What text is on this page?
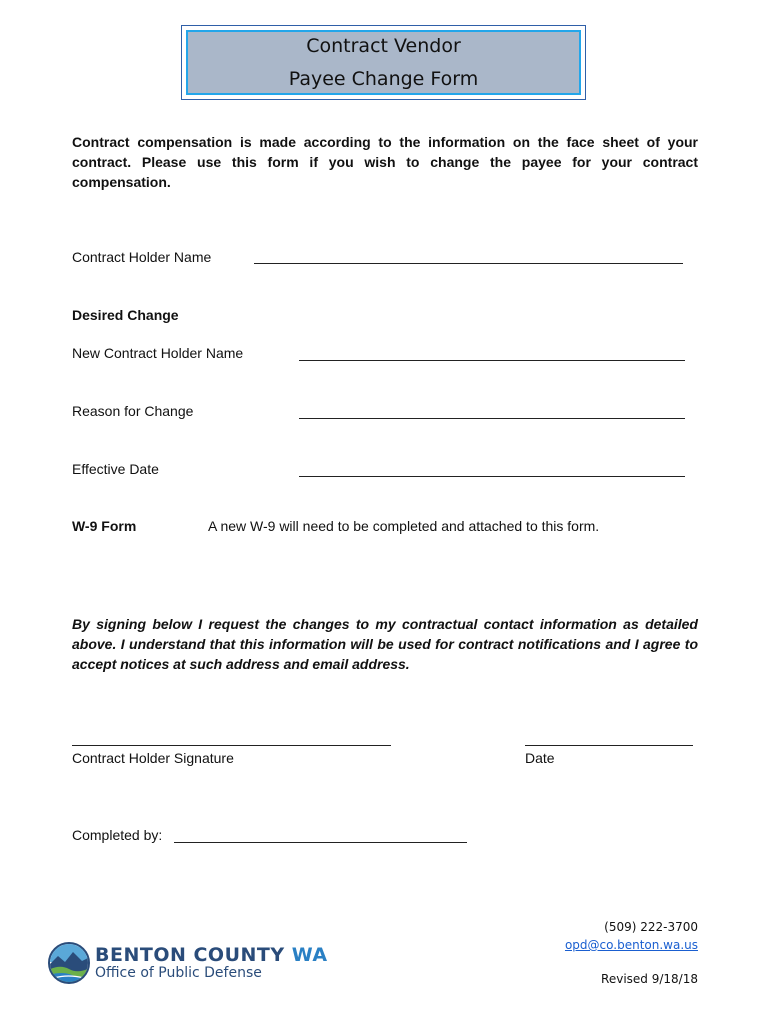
Contract Vendor
Payee Change Form
Contract compensation is made according to the information on the face sheet of your contract. Please use this form if you wish to change the payee for your contract compensation.
Contract Holder Name
Desired Change
New Contract Holder Name
Reason for Change
Effective Date
W-9 Form	A new W-9 will need to be completed and attached to this form.
By signing below I request the changes to my contractual contact information as detailed above. I understand that this information will be used for contract notifications and I agree to accept notices at such address and email address.
Contract Holder Signature	Date
Completed by:
BENTON COUNTY WA
Office of Public Defense
(509) 222-3700
opd@co.benton.wa.us
Revised 9/18/18
